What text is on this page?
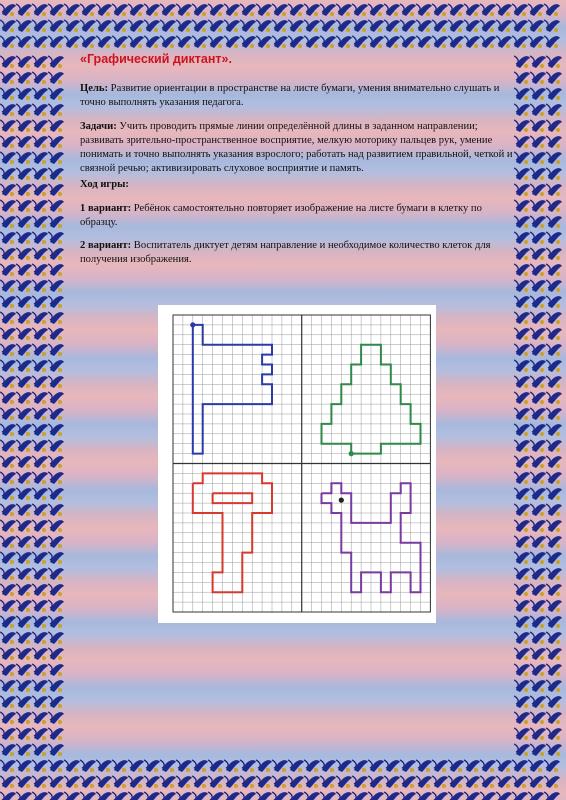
«Графический диктант».

Цель: Развитие ориентации в пространстве на листе бумаги, умения внимательно слушать и точно выполнять указания педагога.

Задачи: Учить проводить прямые линии определённой длины в заданном направлении; развивать зрительно-пространственное восприятие, мелкую моторику пальцев рук, умение понимать и точно выполнять указания взрослого; работать над развитием правильной, четкой и связной речью; активизировать слуховое восприятие и память.

Ход игры:

1 вариант: Ребёнок самостоятельно повторяет изображение на листе бумаги в клетку по образцу.

2 вариант: Воспитатель диктует детям направление и необходимое количество клеток для получения изображения.
